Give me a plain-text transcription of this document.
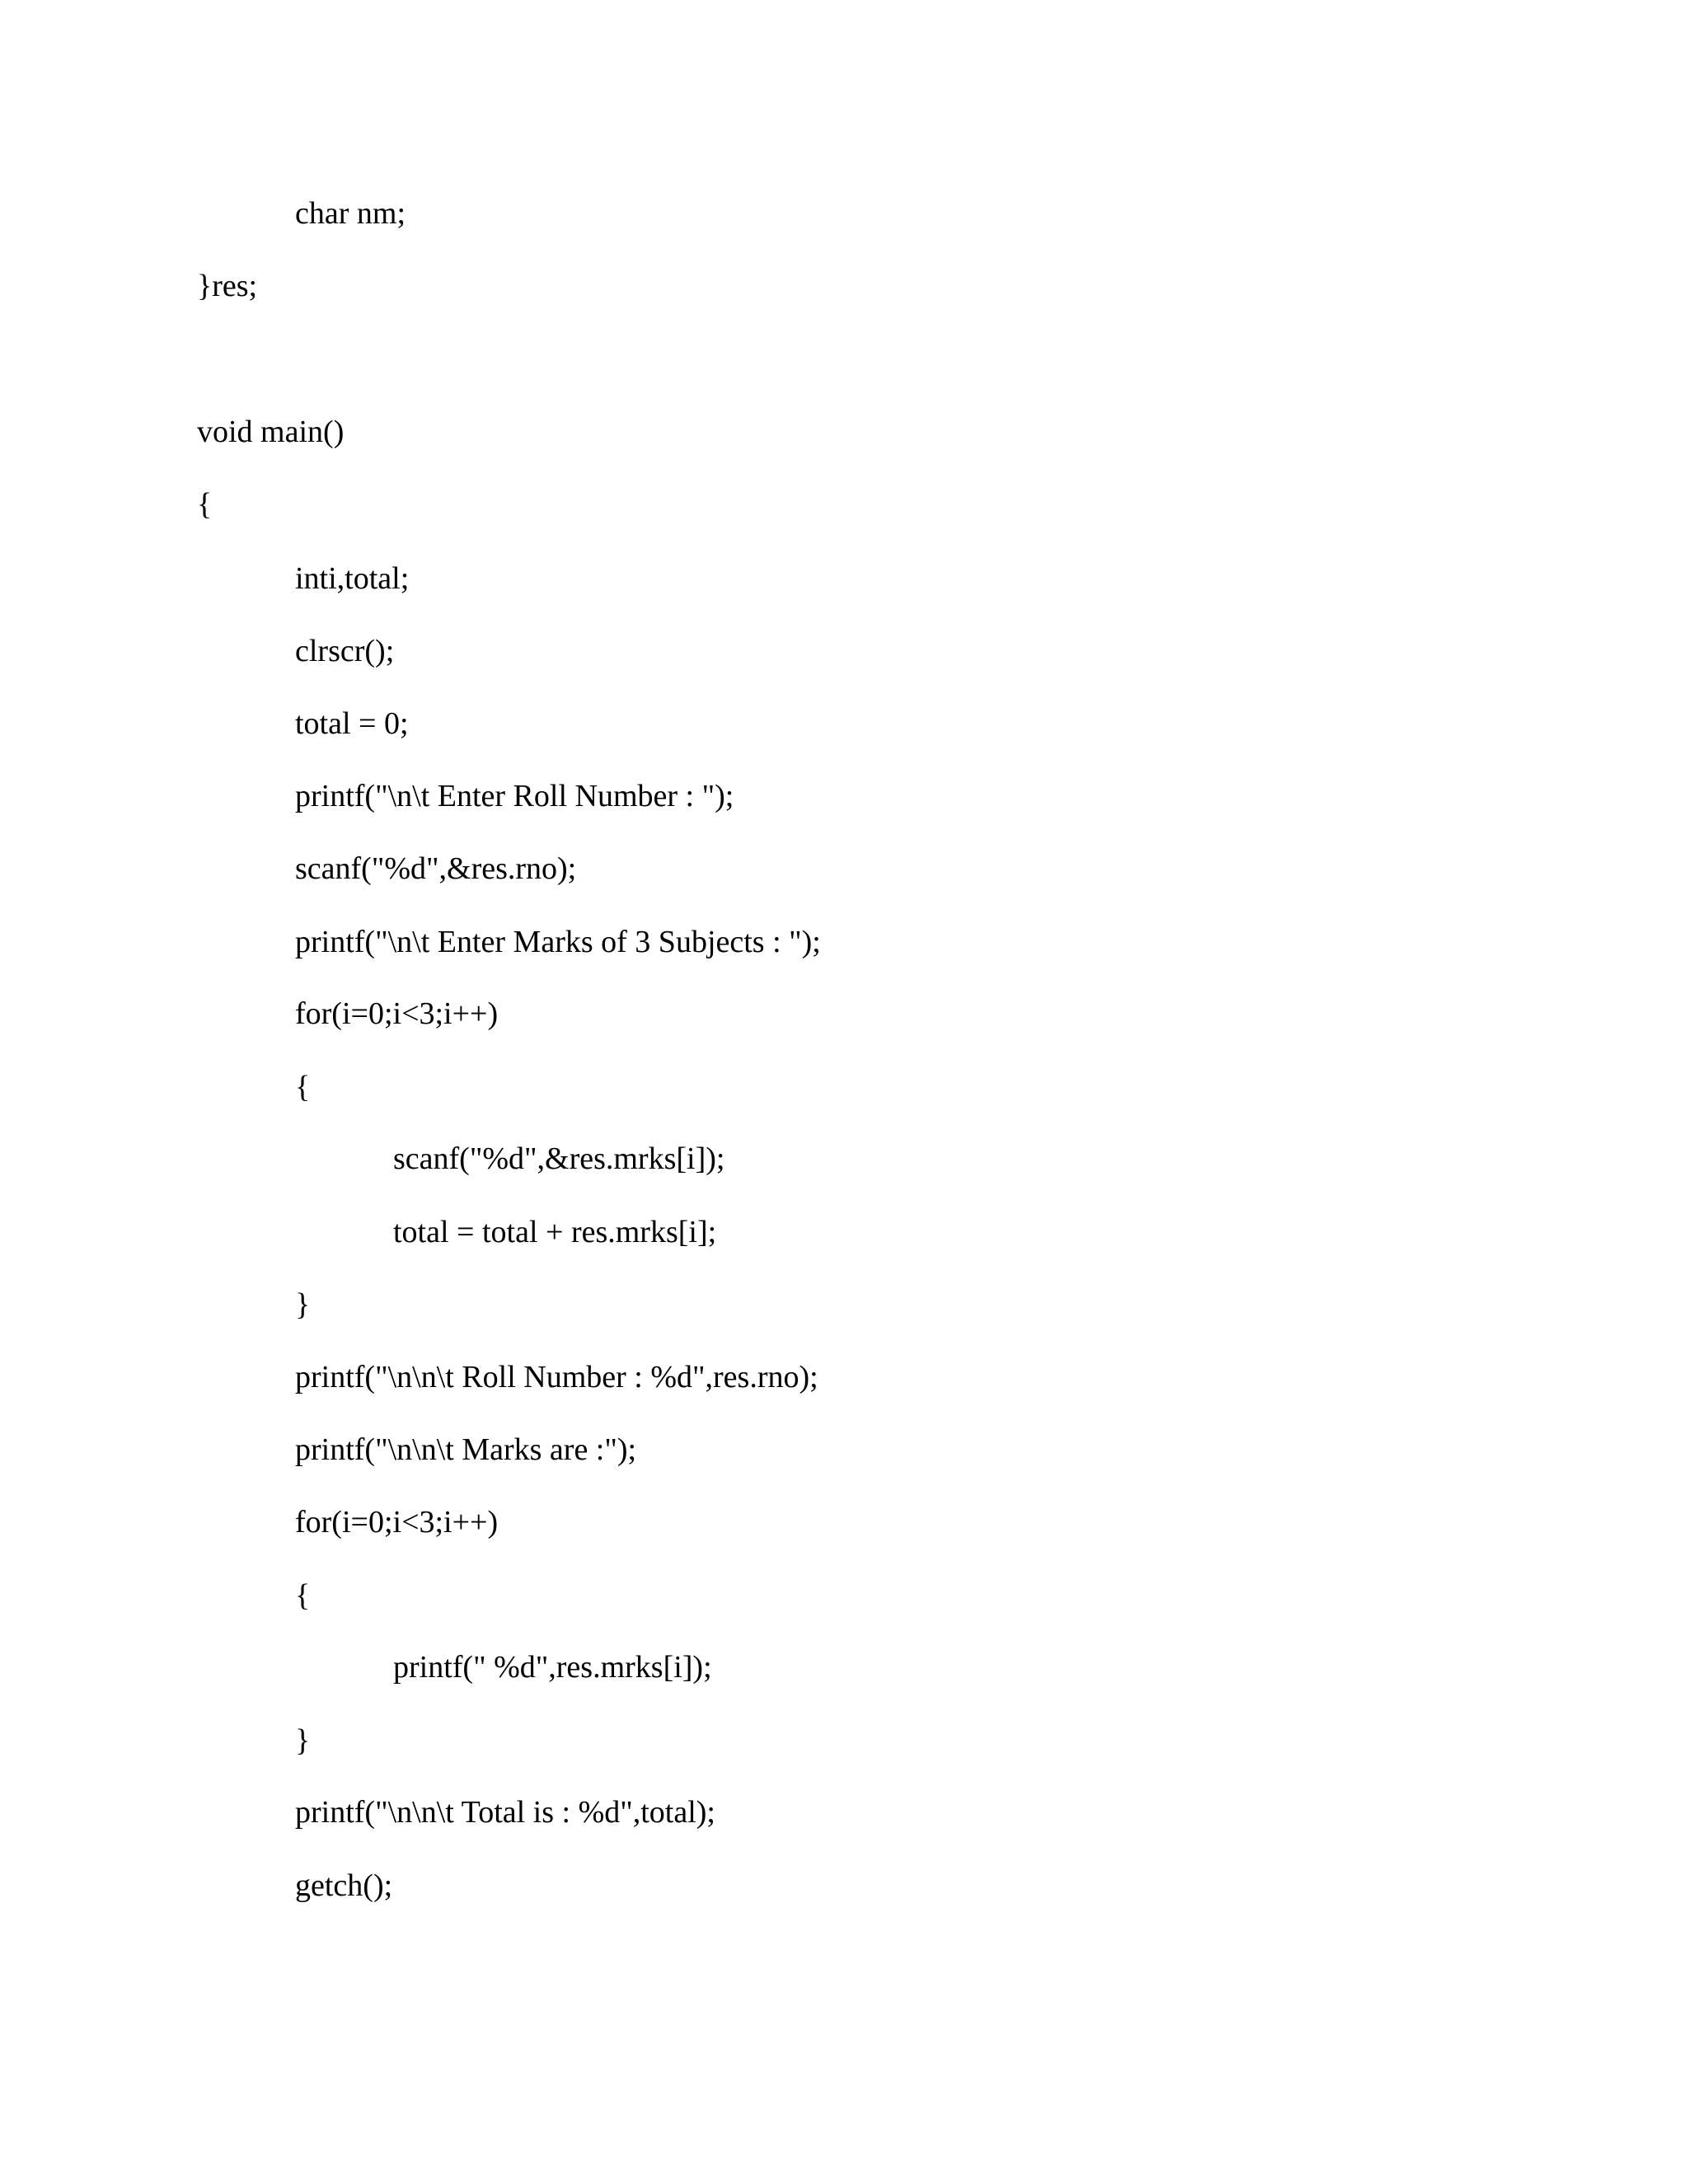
char nm;

}res;

void main()

{

inti,total;

clrscr();

total = 0;

printf("\n\t Enter Roll Number : ");

scanf("%d",&res.rno);

printf("\n\t Enter Marks of 3 Subjects : ");

for(i=0;i<3;i++)

{

scanf("%d",&res.mrks[i]);

total = total + res.mrks[i];

}

printf("\n\n\t Roll Number : %d",res.rno);

printf("\n\n\t Marks are :");

for(i=0;i<3;i++)

{

printf(" %d",res.mrks[i]);

}

printf("\n\n\t Total is : %d",total);

getch();
